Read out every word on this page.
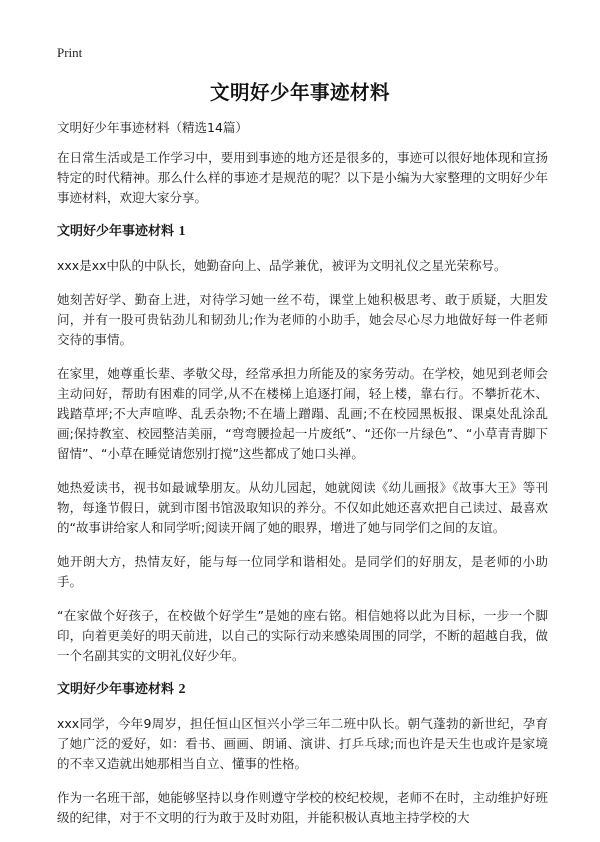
Print
文明好少年事迹材料
文明好少年事迹材料（精选14篇）

在日常生活或是工作学习中，要用到事迹的地方还是很多的，事迹可以很好地体现和宣扬特定的时代精神。那么什么样的事迹才是规范的呢？以下是小编为大家整理的文明好少年事迹材料，欢迎大家分享。

文明好少年事迹材料 1

xxx是xx中队的中队长，她勤奋向上、品学兼优，被评为文明礼仪之星光荣称号。

她刻苦好学、勤奋上进，对待学习她一丝不苟，课堂上她积极思考、敢于质疑，大胆发问，并有一股可贵钻劲儿和韧劲儿;作为老师的小助手，她会尽心尽力地做好每一件老师交待的事情。

在家里，她尊重长辈、孝敬父母，经常承担力所能及的家务劳动。在学校，她见到老师会主动问好，帮助有困难的同学,从不在楼梯上追逐打闹，轻上楼，靠右行。不攀折花木、践踏草坪;不大声喧哗、乱丢杂物;不在墙上蹭蹋、乱画;不在校园黑板报、课桌处乱涂乱画;保持教室、校园整洁美丽，“弯弯腰捡起一片废纸”、“还你一片绿色”、“小草青青脚下留情”、“小草在睡觉请您别打搅”这些都成了她口头禅。

她热爱读书，视书如最诚挚朋友。从幼儿园起，她就阅读《幼儿画报》《故事大王》等刊物，每逢节假日，就到市图书馆汲取知识的养分。不仅如此她还喜欢把自己读过、最喜欢的“故事讲给家人和同学听;阅读开阔了她的眼界，增进了她与同学们之间的友谊。

她开朗大方，热情友好，能与每一位同学和谐相处。是同学们的好朋友，是老师的小助手。

“在家做个好孩子，在校做个好学生”是她的座右铭。相信她将以此为目标，一步一个脚印，向着更美好的明天前进，以自己的实际行动来感染周围的同学，不断的超越自我，做一个名副其实的文明礼仪好少年。

文明好少年事迹材料 2

xxx同学，今年9周岁，担任恒山区恒兴小学三年二班中队长。朝气蓬勃的新世纪，孕育了她广泛的爱好，如：看书、画画、朗诵、演讲、打乒乓球;而也许是天生也或许是家境的不幸又造就出她那相当自立、懂事的性格。

作为一名班干部，她能够坚持以身作则遵守学校的校纪校规，老师不在时，主动维护好班级的纪律，对于不文明的行为敢于及时劝阻，并能积极认真地主持学校的大
